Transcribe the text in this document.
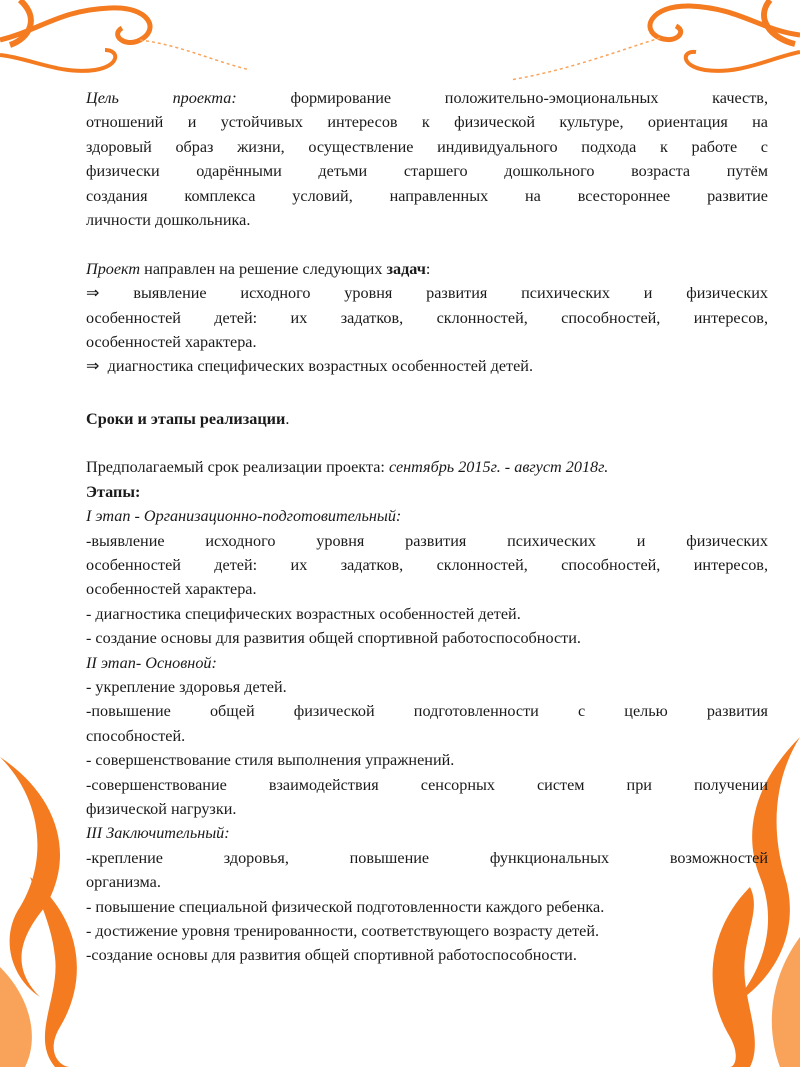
Цель проекта:	формирование положительно-эмоциональных качеств,
отношений и устойчивых интересов к физической культуре, ориентация на
здоровый образ жизни, осуществление индивидуального подхода к работе с
физически одарёнными детьми старшего дошкольного возраста путём
создания комплекса условий, направленных на всестороннее развитие
личности дошкольника.
Проект направлен на решение следующих задач:
⇒ выявление исходного уровня развития психических и физических
особенностей детей: их задатков, склонностей, способностей, интересов,
особенностей характера.
⇒ диагностика специфических возрастных особенностей детей.
Сроки и этапы реализации.
Предполагаемый срок реализации проекта: сентябрь 2015г. - август 2018г.
Этапы:
I этап - Организационно-подготовительный:
-выявление исходного уровня развития психических и физических
особенностей детей: их задатков, склонностей, способностей, интересов,
особенностей характера.
- диагностика специфических возрастных особенностей детей.
- создание основы для развития общей спортивной работоспособности.
II этап- Основной:
- укрепление здоровья детей.
-повышение общей физической подготовленности с целью развития
способностей.
- совершенствование стиля выполнения упражнений.
-совершенствование взаимодействия сенсорных систем при получении
физической нагрузки.
III Заключительный:
-крепление здоровья, повышение функциональных возможностей
организма.
- повышение специальной физической подготовленности каждого ребенка.
- достижение уровня тренированности, соответствующего возрасту детей.
-создание основы для развития общей спортивной работоспособности.
